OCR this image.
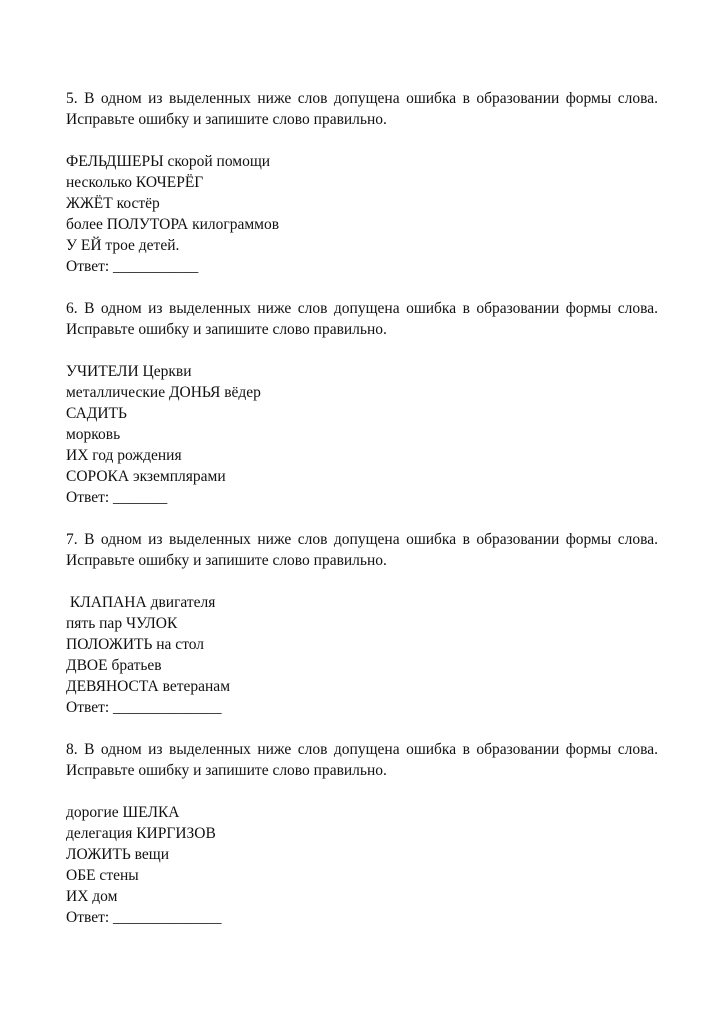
5. В одном из выделенных ниже слов допущена ошибка в образовании формы слова. Исправьте ошибку и запишите слово правильно.

ФЕЛЬДШЕРЫ скорой помощи

несколько КОЧЕРЁГ

ЖЖЁТ костёр

более ПОЛУТОРА килограммов

У ЕЙ трое детей.

Ответ: ___________

6. В одном из выделенных ниже слов допущена ошибка в образовании формы слова. Исправьте ошибку и запишите слово правильно.

УЧИТЕЛИ Церкви

металлические ДОНЬЯ вёдер

САДИТЬ

морковь

ИХ год рождения

СОРОКА экземплярами

Ответ: _______

7. В одном из выделенных ниже слов допущена ошибка в образовании формы слова. Исправьте ошибку и запишите слово правильно.

КЛАПАНА двигателя

пять пар ЧУЛОК

ПОЛОЖИТЬ на стол

ДВОЕ братьев

ДЕВЯНОСТА ветеранам

Ответ: ______________

8. В одном из выделенных ниже слов допущена ошибка в образовании формы слова. Исправьте ошибку и запишите слово правильно.

дорогие ШЕЛКА

делегация КИРГИЗОВ

ЛОЖИТЬ вещи

ОБЕ стены

ИХ дом

Ответ: ______________
